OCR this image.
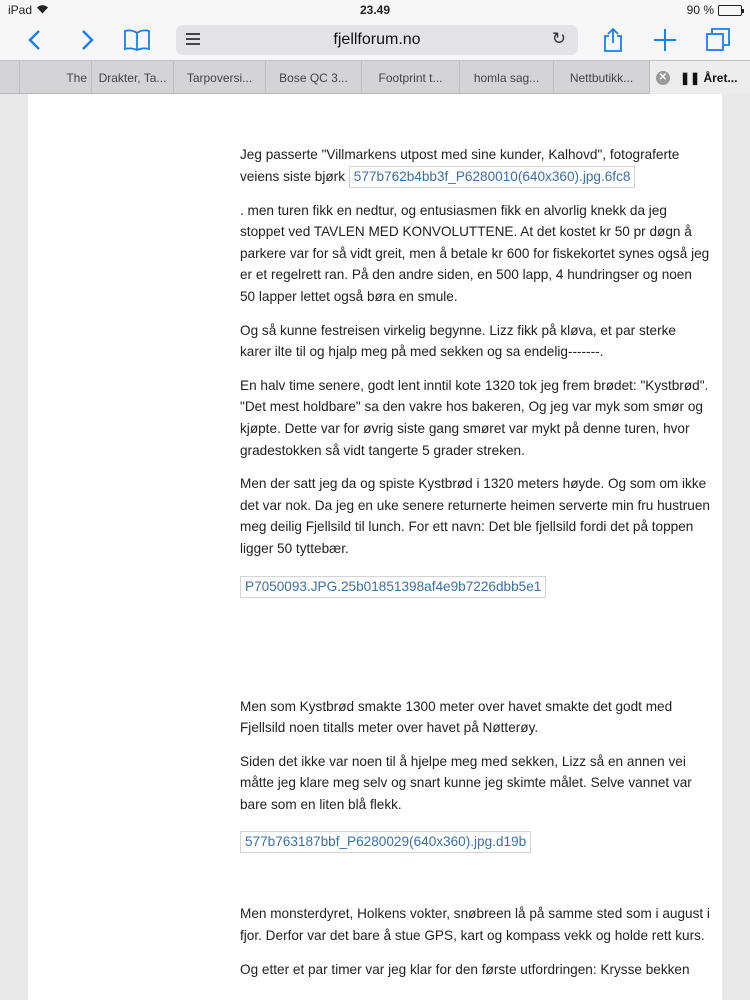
iPad	23.49	90 %
fjellforum.no	↻
The Drakter, Ta...	Tarpoversi...	Bose QC 3...	Footprint t...	homla sag...	Nettbutikk...	✕ ❚❚ Året...

Jeg passerte "Villmarkens utpost med sine kunder, Kalhovd", fotograferte veiens siste bjørk 577b762b4bb3f_P6280010(640x360).jpg.6fc8

. men turen fikk en nedtur, og entusiasmen fikk en alvorlig knekk da jeg stoppet ved TAVLEN MED KONVOLUTTENE. At det kostet kr 50 pr døgn å parkere var for så vidt greit, men å betale kr 600 for fiskekortet synes også jeg er et regelrett ran. På den andre siden, en 500 lapp, 4 hundringser og noen 50 lapper lettet også børa en smule.

Og så kunne festreisen virkelig begynne. Lizz fikk på kløva, et par sterke karer ilte til og hjalp meg på med sekken og sa endelig-------.

En halv time senere, godt lent inntil kote 1320 tok jeg frem brødet: "Kystbrød". "Det mest holdbare" sa den vakre hos bakeren, Og jeg var myk som smør og kjøpte. Dette var for øvrig siste gang smøret var mykt på denne turen, hvor gradestokken så vidt tangerte 5 grader streken.

Men der satt jeg da og spiste Kystbrød i 1320 meters høyde. Og som om ikke det var nok. Da jeg en uke senere returnerte heimen serverte min fru hustruen meg deilig Fjellsild til lunch. For ett navn: Det ble fjellsild fordi det på toppen ligger 50 tyttebær.

P7050093.JPG.25b01851398af4e9b7226dbb5e1

Men som Kystbrød smakte 1300 meter over havet smakte det godt med Fjellsild noen titalls meter over havet på Nøtterøy.

Siden det ikke var noen til å hjelpe meg med sekken, Lizz så en annen vei måtte jeg klare meg selv og snart kunne jeg skimte målet. Selve vannet var bare som en liten blå flekk.

577b763187bbf_P6280029(640x360).jpg.d19b

Men monsterdyret, Holkens vokter, snøbreen lå på samme sted som i august i fjor. Derfor var det bare å stue GPS, kart og kompass vekk og holde rett kurs.

Og etter et par timer var jeg klar for den første utfordringen: Krysse bekken
